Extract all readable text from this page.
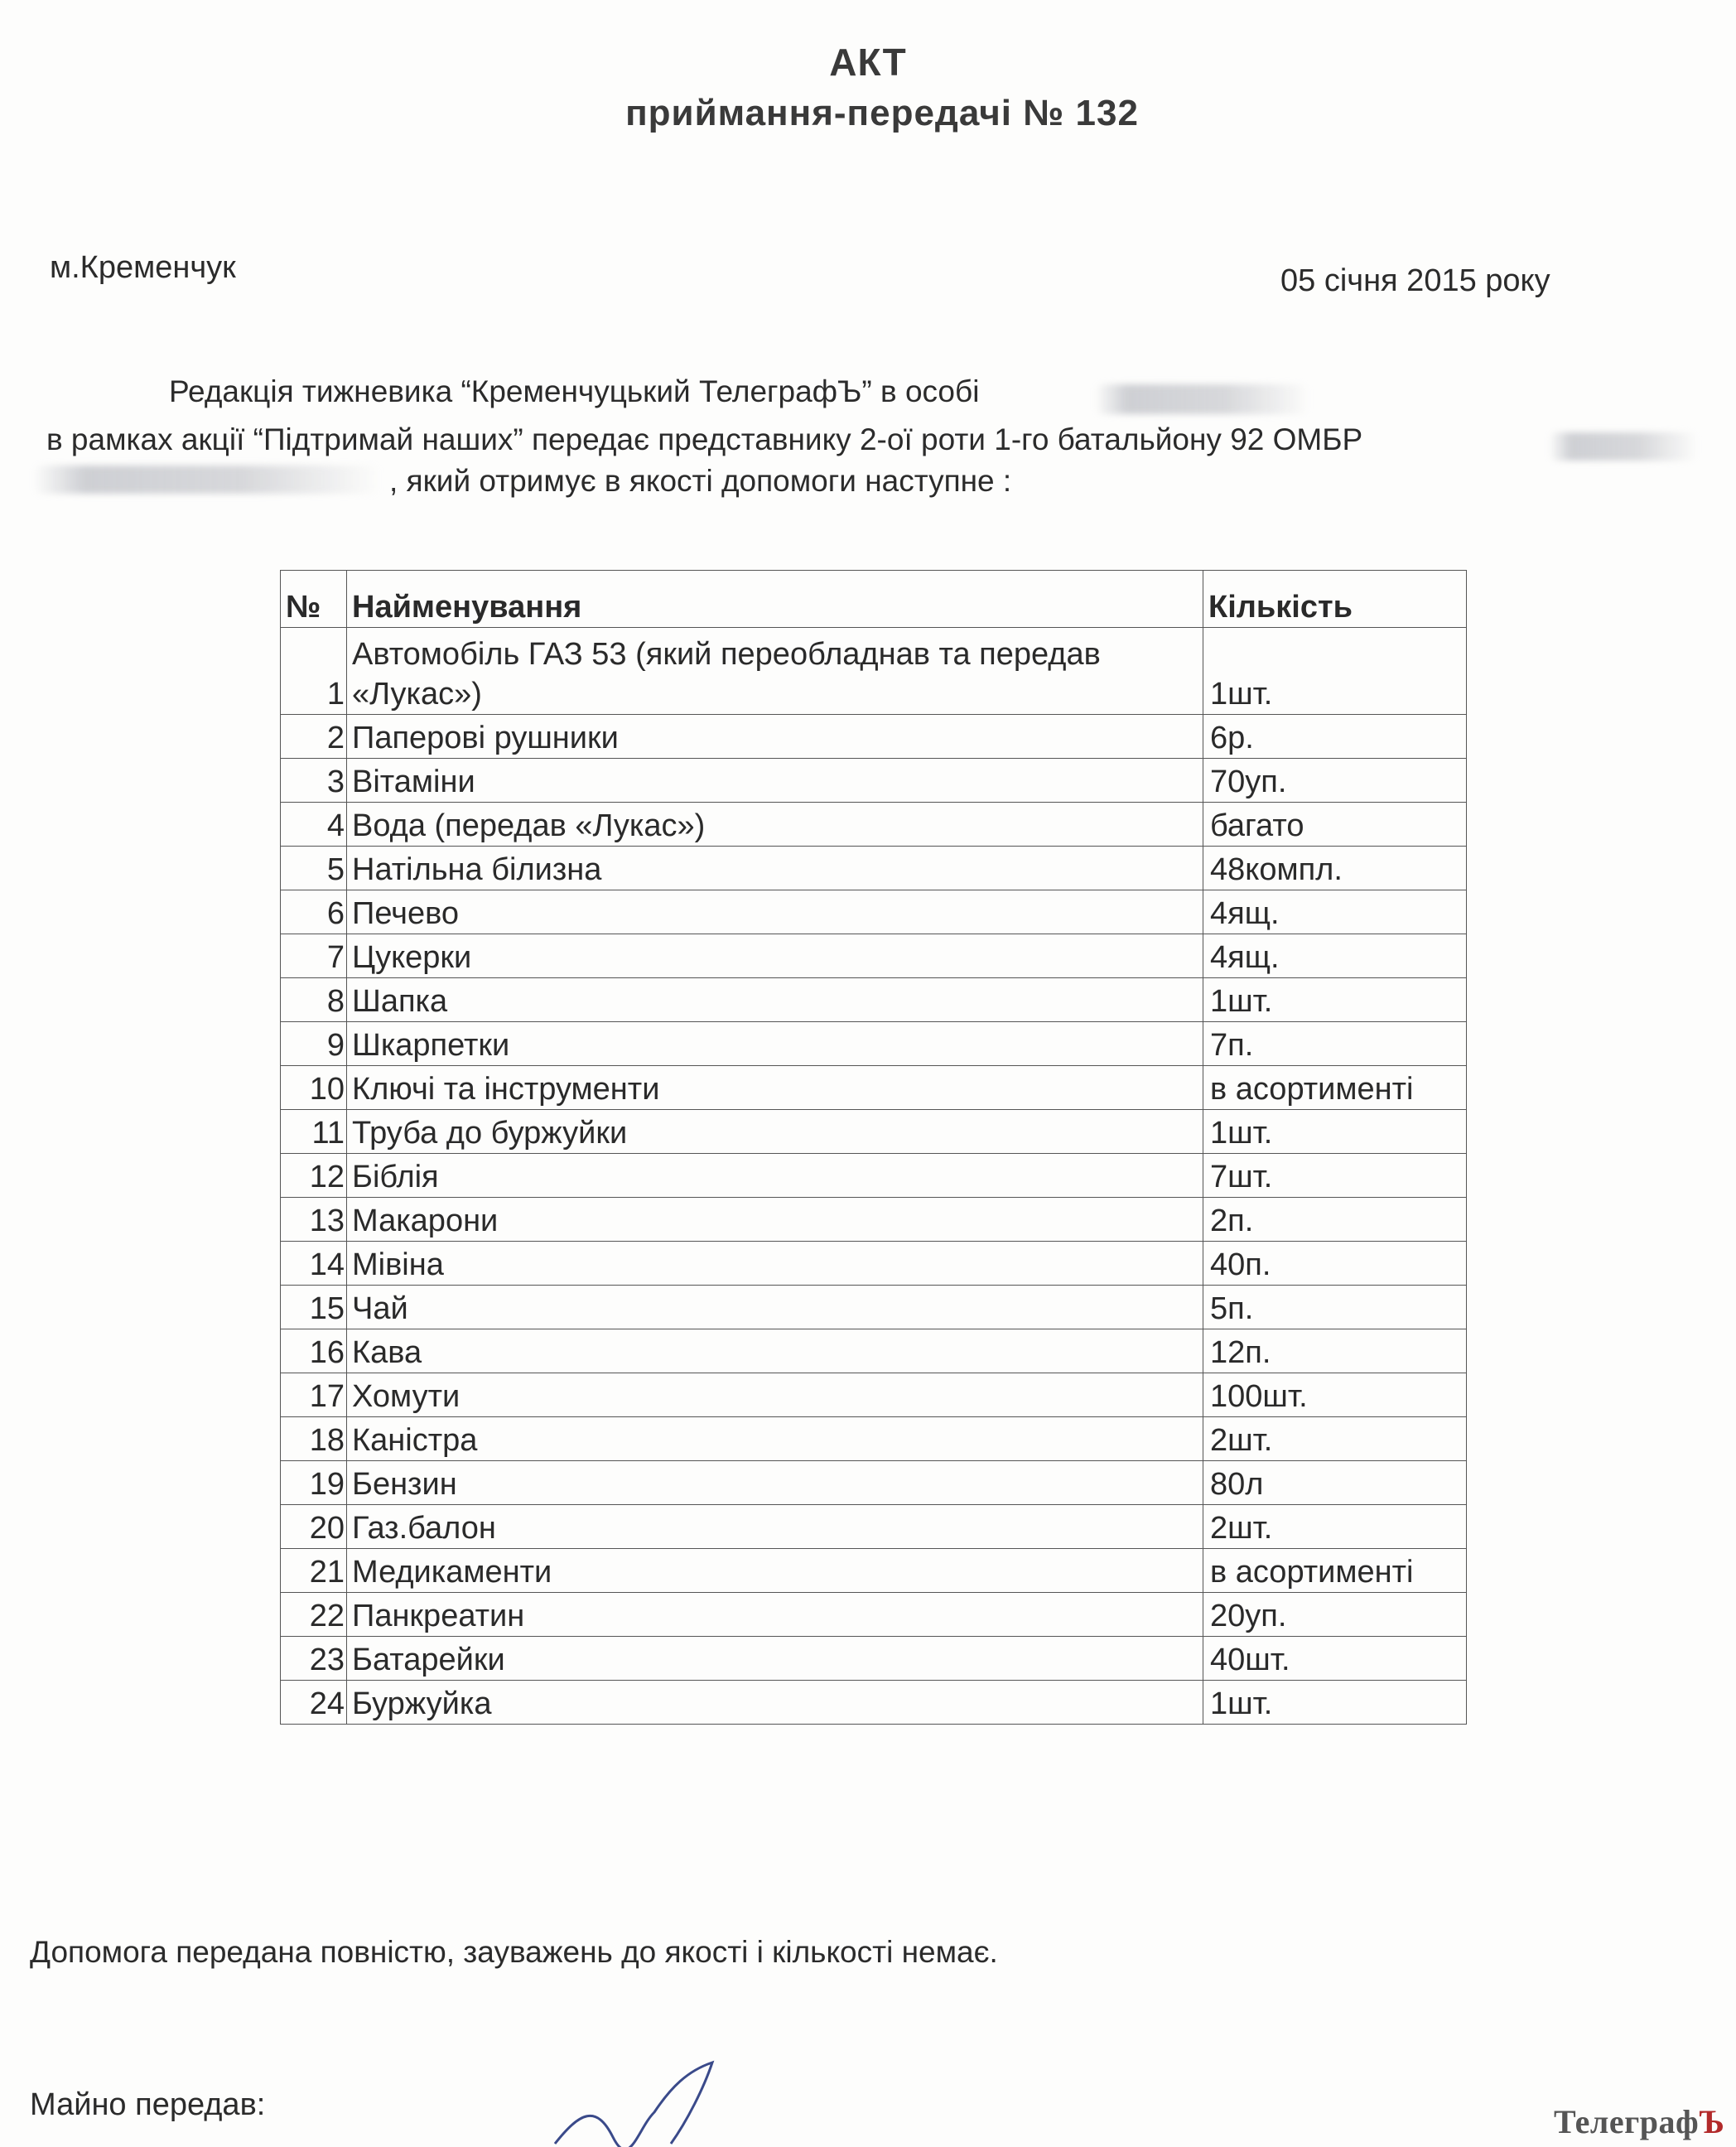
АКТ
приймання-передачі № 132
м.Кременчук	05 січня 2015 року
Редакція тижневика “Кременчуцький ТелеграфЪ” в особі
в рамках акції “Підтримай наших” передає представнику 2-ої роти 1-го батальйону 92 ОМБР
, який отримує в якості допомоги наступне :
№	Найменування	Кількість
1	Автомобіль ГАЗ 53 (який переобладнав та передав
«Лукас»)	1шт.
2	Паперові рушники	6р.
3	Вітаміни	70уп.
4	Вода (передав «Лукас»)	багато
5	Натільна білизна	48компл.
6	Печево	4ящ.
7	Цукерки	4ящ.
8	Шапка	1шт.
9	Шкарпетки	7п.
10	Ключі та інструменти	в асортименті
11	Труба до буржуйки	1шт.
12	Біблія	7шт.
13	Макарони	2п.
14	Мівіна	40п.
15	Чай	5п.
16	Кава	12п.
17	Хомути	100шт.
18	Каністра	2шт.
19	Бензин	80л
20	Газ.балон	2шт.
21	Медикаменти	в асортименті
22	Панкреатин	20уп.
23	Батарейки	40шт.
24	Буржуйка	1шт.
Допомога передана повністю, зауважень до якості і кількості немає.
Майно передав:	ТелеграфЪ
